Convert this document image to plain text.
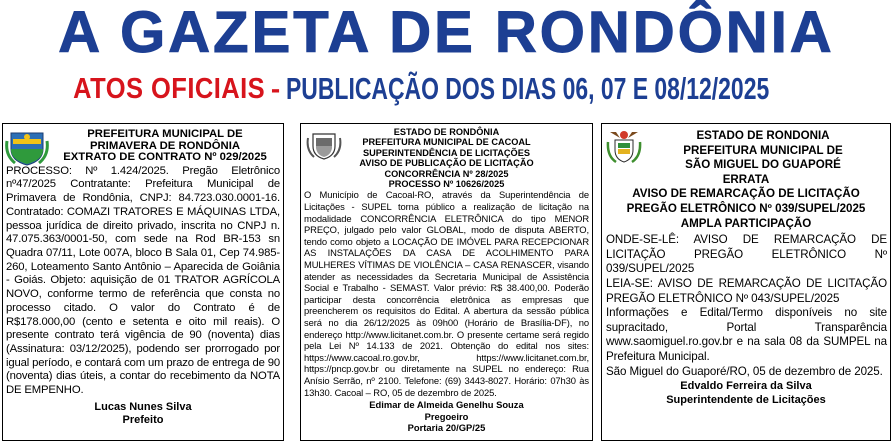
A GAZETA DE RONDÔNIA
ATOS OFICIAIS - PUBLICAÇÃO DOS DIAS 06, 07 E 08/12/2025
PREFEITURA MUNICIPAL DE
PRIMAVERA DE RONDÔNIA
EXTRATO DE CONTRATO Nº 029/2025
PROCESSO: Nº 1.424/2025. Pregão Eletrônico nº47/2025 Contratante: Prefeitura Municipal de Primavera de Rondônia, CNPJ: 84.723.030.0001-16. Contratado: COMAZI TRATORES E MÁQUINAS LTDA, pessoa jurídica de direito privado, inscrita no CNPJ n. 47.075.363/0001-50, com sede na Rod BR-153 sn Quadra 07/11, Lote 007A, bloco B Sala 01, Cep 74.985-260, Loteamento Santo Antônio – Aparecida de Goiânia - Goiás. Objeto: aquisição de 01 TRATOR AGRÍCOLA NOVO, conforme termo de referência que consta no processo citado. O valor do Contrato é de R$178.000,00 (cento e setenta e oito mil reais). O presente contrato terá vigência de 90 (noventa) dias (Assinatura: 03/12/2025), podendo ser prorrogado por igual período, e contará com um prazo de entrega de 90 (noventa) dias úteis, a contar do recebimento da NOTA DE EMPENHO.
Lucas Nunes Silva
Prefeito
ESTADO DE RONDÔNIA
PREFEITURA MUNICIPAL DE CACOAL
SUPERINTENDÊNCIA DE LICITAÇÕES
AVISO DE PUBLICAÇÃO DE LICITAÇÃO
CONCORRÊNCIA Nº 28/2025
PROCESSO Nº 10626/2025
O Município de Cacoal-RO, através da Superintendência de Licitações - SUPEL torna público a realização de licitação na modalidade CONCORRÊNCIA ELETRÔNICA do tipo MENOR PREÇO, julgado pelo valor GLOBAL, modo de disputa ABERTO, tendo como objeto a LOCAÇÃO DE IMÓVEL PARA RECEPCIONAR AS INSTALAÇÕES DA CASA DE ACOLHIMENTO PARA MULHERES VÍTIMAS DE VIOLÊNCIA – CASA RENASCER, visando atender as necessidades da Secretaria Municipal de Assistência Social e Trabalho - SEMAST. Valor prévio: R$ 38.400,00. Poderão participar desta concorrência eletrônica as empresas que preencherem os requisitos do Edital. A abertura da sessão pública será no dia 26/12/2025 às 09h00 (Horário de Brasília-DF), no endereço http://www.licitanet.com.br. O presente certame será regido pela Lei Nº 14.133 de 2021. Obtenção do edital nos sites: https://www.cacoal.ro.gov.br, https://www.licitanet.com.br, https://pncp.gov.br ou diretamente na SUPEL no endereço: Rua Anísio Serrão, nº 2100. Telefone: (69) 3443-8027. Horário: 07h30 às 13h30. Cacoal – RO, 05 de dezembro de 2025.
Edimar de Almeida Genelhu Souza
Pregoeiro
Portaria 20/GP/25
ESTADO DE RONDONIA
PREFEITURA MUNICIPAL DE
SÃO MIGUEL DO GUAPORÉ
ERRATA
AVISO DE REMARCAÇÃO DE LICITAÇÃO
PREGÃO ELETRÔNICO Nº 039/SUPEL/2025
AMPLA PARTICIPAÇÃO
ONDE-SE-LÊ: AVISO DE REMARCAÇÃO DE LICITAÇÃO PREGÃO ELETRÔNICO Nº 039/SUPEL/2025
LEIA-SE: AVISO DE REMARCAÇÃO DE LICITAÇÃO PREGÃO ELETRÔNICO Nº 043/SUPEL/2025
Informações e Edital/Termo disponíveis no site supracitado, Portal Transparência www.saomiguel.ro.gov.br e na sala 08 da SUMPEL na Prefeitura Municipal.
São Miguel do Guaporé/RO, 05 de dezembro de 2025.
Edvaldo Ferreira da Silva
Superintendente de Licitações
